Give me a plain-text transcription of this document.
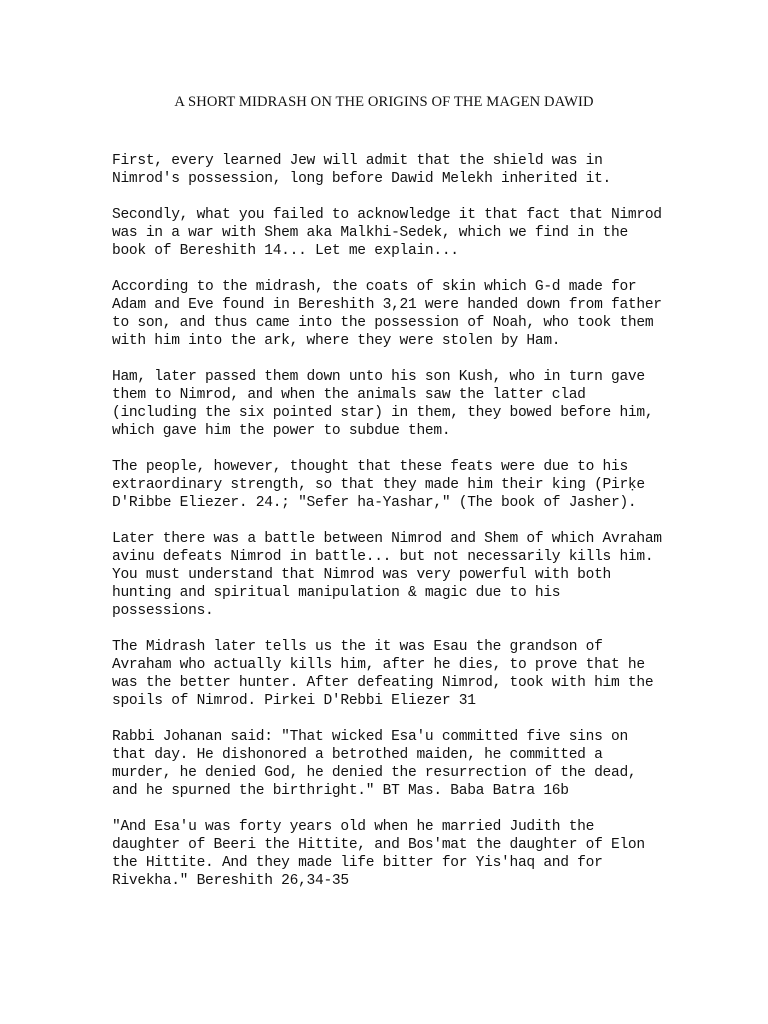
A SHORT MIDRASH ON THE ORIGINS OF THE MAGEN DAWID

First, every learned Jew will admit that the shield was in
Nimrod's possession, long before Dawid Melekh inherited it.

Secondly, what you failed to acknowledge it that fact that Nimrod
was in a war with Shem aka Malkhi-Sedek, which we find in the
book of Bereshith 14... Let me explain...

According to the midrash, the coats of skin which G-d made for
Adam and Eve found in Bereshith 3,21 were handed down from father
to son, and thus came into the possession of Noah, who took them
with him into the ark, where they were stolen by Ham.

Ham, later passed them down unto his son Kush, who in turn gave
them to Nimrod, and when the animals saw the latter clad
(including the six pointed star) in them, they bowed before him,
which gave him the power to subdue them.

The people, however, thought that these feats were due to his
extraordinary strength, so that they made him their king (Pirḳe
D'Ribbe Eliezer. 24.; "Sefer ha-Yashar," (The book of Jasher).

Later there was a battle between Nimrod and Shem of which Avraham
avinu defeats Nimrod in battle... but not necessarily kills him.
You must understand that Nimrod was very powerful with both
hunting and spiritual manipulation & magic due to his
possessions.

The Midrash later tells us the it was Esau the grandson of
Avraham who actually kills him, after he dies, to prove that he
was the better hunter. After defeating Nimrod, took with him the
spoils of Nimrod. Pirkei D'Rebbi Eliezer 31

Rabbi Johanan said: "That wicked Esa'u committed five sins on
that day. He dishonored a betrothed maiden, he committed a
murder, he denied God, he denied the resurrection of the dead,
and he spurned the birthright." BT Mas. Baba Batra 16b

"And Esa'u was forty years old when he married Judith the
daughter of Beeri the Hittite, and Bos'mat the daughter of Elon
the Hittite. And they made life bitter for Yis'haq and for
Rivekha." Bereshith 26,34-35
